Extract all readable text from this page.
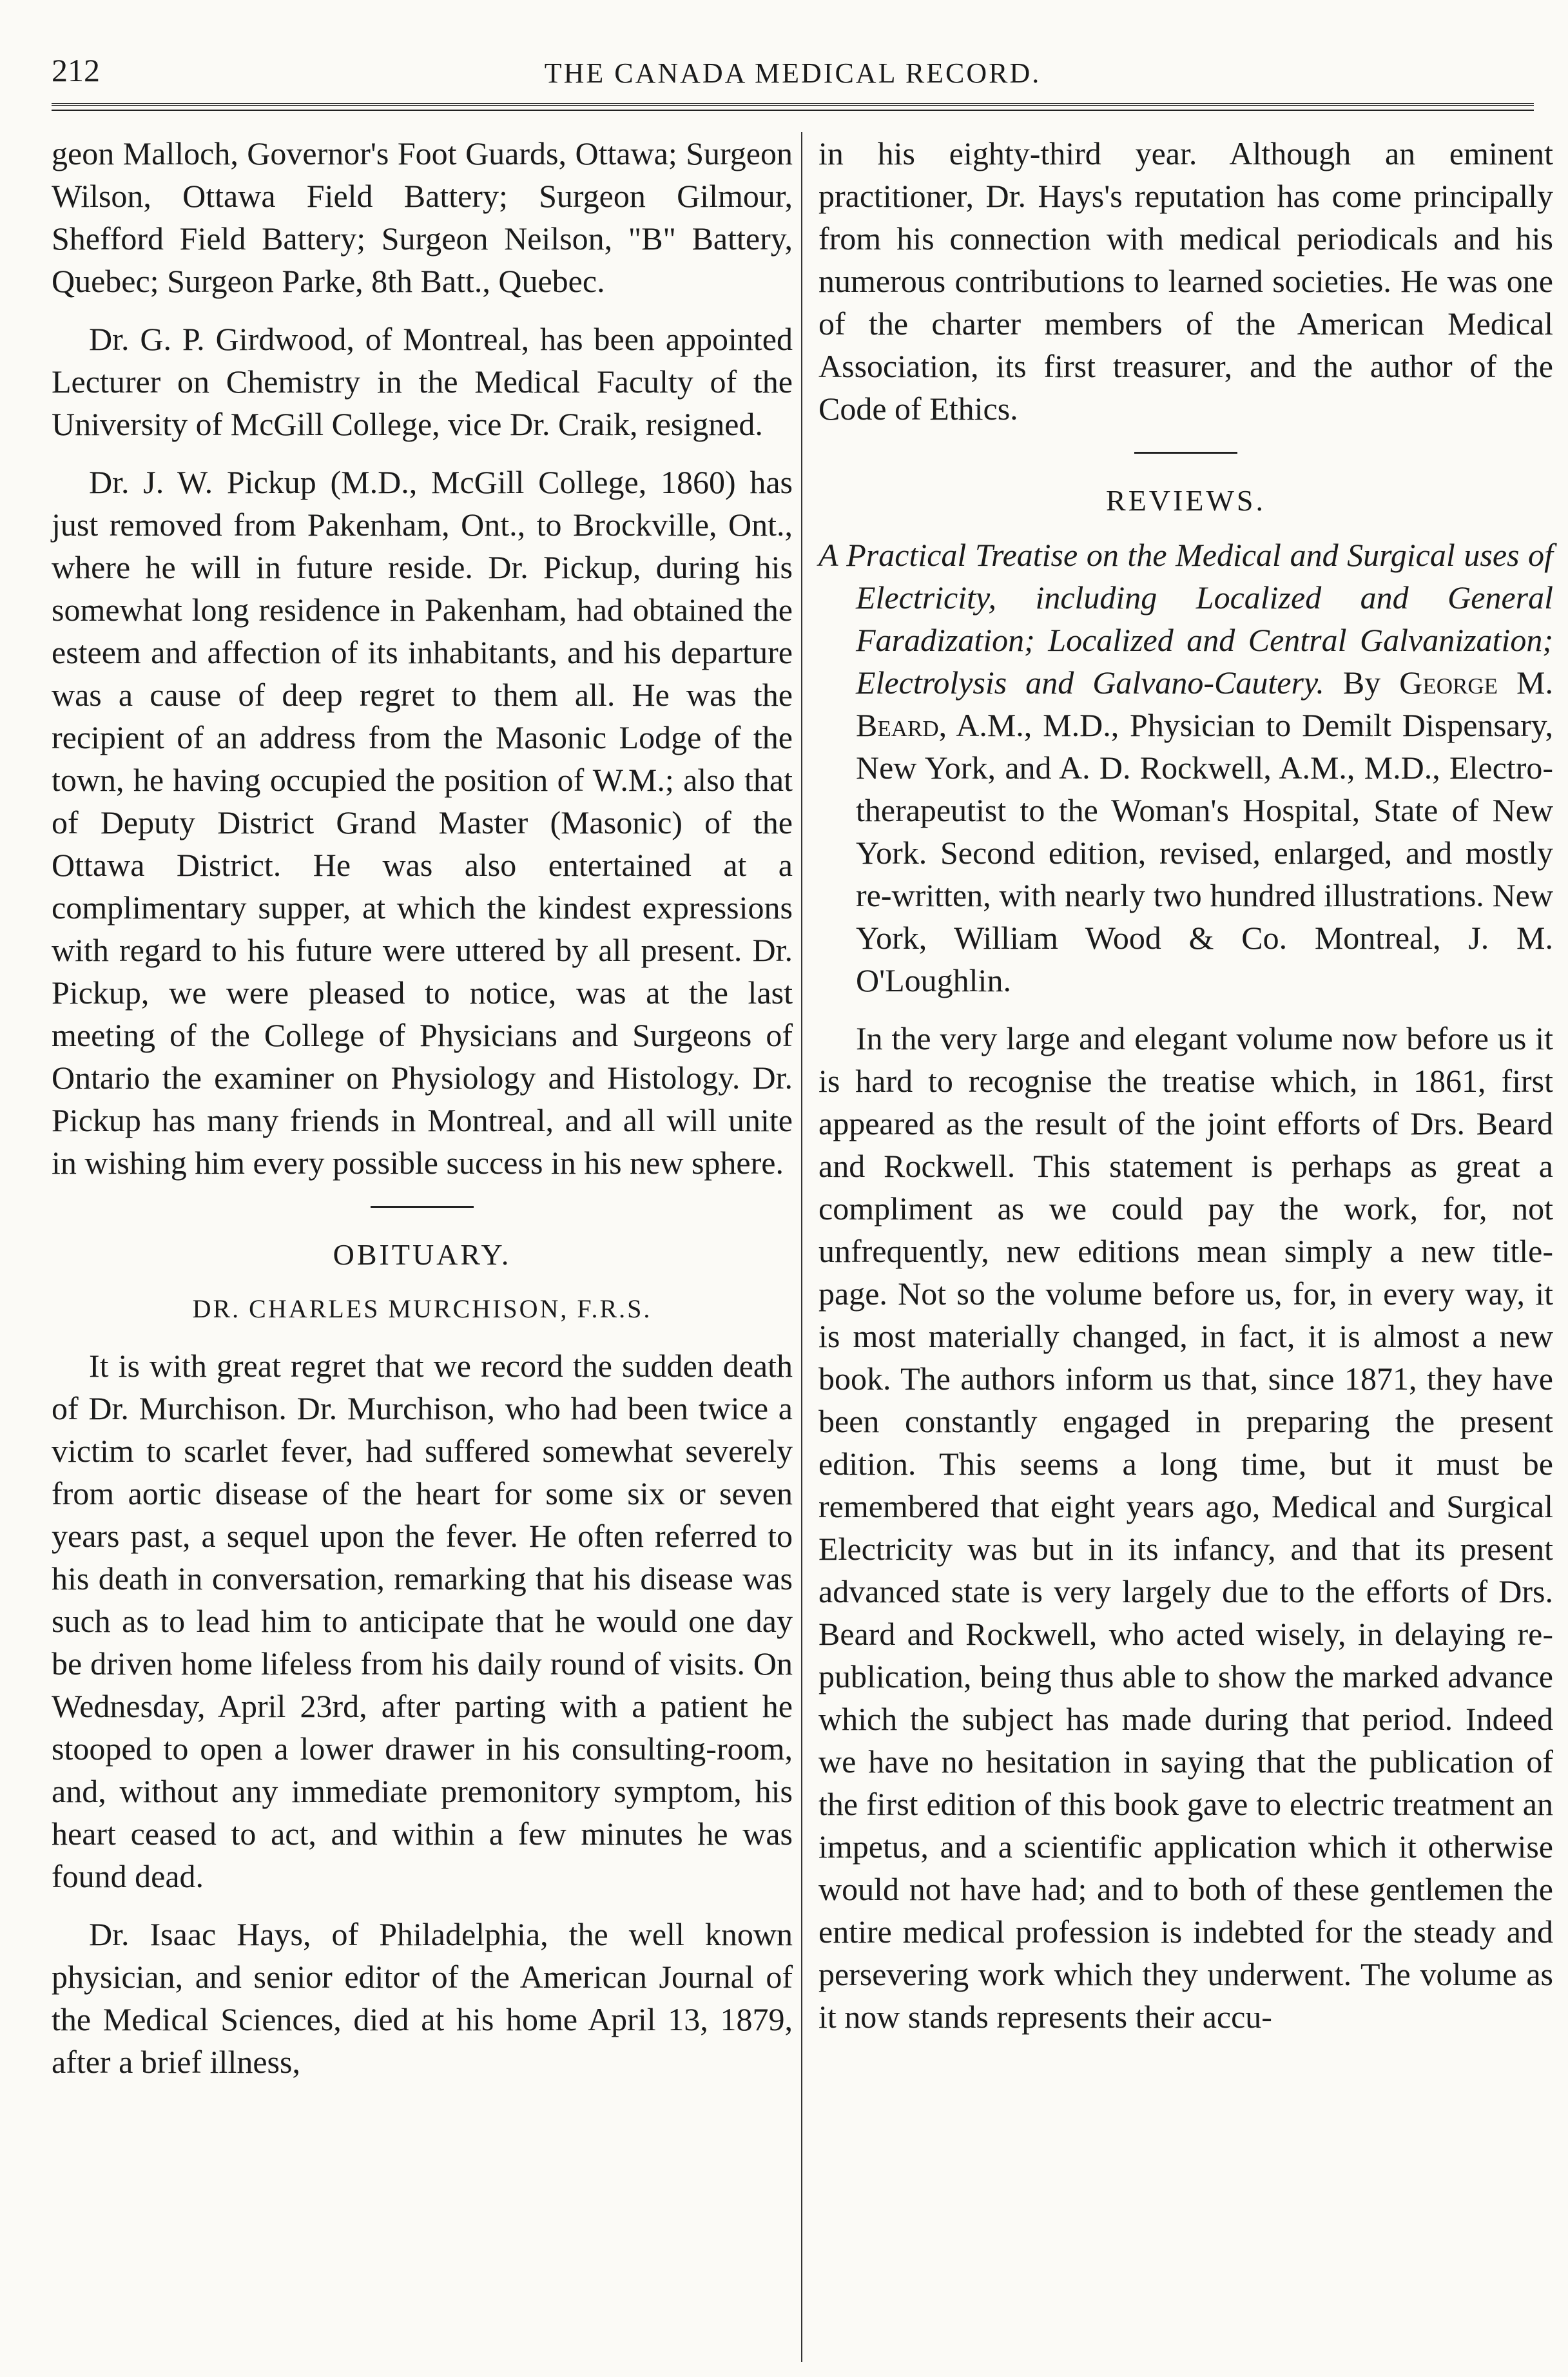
212	THE CANADA MEDICAL RECORD.

geon Malloch, Governor's Foot Guards, Ottawa; Surgeon Wilson, Ottawa Field Battery; Surgeon Gilmour, Shefford Field Battery; Surgeon Neilson, "B" Battery, Quebec; Surgeon Parke, 8th Batt., Quebec.

Dr. G. P. Girdwood, of Montreal, has been appointed Lecturer on Chemistry in the Medical Faculty of the University of McGill College, vice Dr. Craik, resigned.

Dr. J. W. Pickup (M.D., McGill College, 1860) has just removed from Pakenham, Ont., to Brockville, Ont., where he will in future reside. Dr. Pickup, during his somewhat long residence in Pakenham, had obtained the esteem and affection of its inhabitants, and his departure was a cause of deep regret to them all. He was the recipient of an address from the Masonic Lodge of the town, he having occupied the position of W.M.; also that of Deputy District Grand Master (Masonic) of the Ottawa District. He was also entertained at a complimentary supper, at which the kindest expressions with regard to his future were uttered by all present. Dr. Pickup, we were pleased to notice, was at the last meeting of the College of Physicians and Surgeons of Ontario the examiner on Physiology and Histology. Dr. Pickup has many friends in Montreal, and all will unite in wishing him every possible success in his new sphere.

OBITUARY.
DR. CHARLES MURCHISON, F.R.S.

It is with great regret that we record the sudden death of Dr. Murchison. Dr. Murchison, who had been twice a victim to scarlet fever, had suffered somewhat severely from aortic disease of the heart for some six or seven years past, a sequel upon the fever. He often referred to his death in conversation, remarking that his disease was such as to lead him to anticipate that he would one day be driven home lifeless from his daily round of visits. On Wednesday, April 23rd, after parting with a patient he stooped to open a lower drawer in his consulting-room, and, without any immediate premonitory symptom, his heart ceased to act, and within a few minutes he was found dead.

Dr. Isaac Hays, of Philadelphia, the well known physician, and senior editor of the American Journal of the Medical Sciences, died at his home April 13, 1879, after a brief illness,

in his eighty-third year. Although an eminent practitioner, Dr. Hays's reputation has come principally from his connection with medical periodicals and his numerous contributions to learned societies. He was one of the charter members of the American Medical Association, its first treasurer, and the author of the Code of Ethics.

REVIEWS.

A Practical Treatise on the Medical and Surgical uses of Electricity, including Localized and General Faradization; Localized and Central Galvanization; Electrolysis and Galvano-Cautery. By George M. Beard, A.M., M.D., Physician to Demilt Dispensary, New York, and A. D. Rockwell, A.M., M.D., Electro-therapeutist to the Woman's Hospital, State of New York. Second edition, revised, enlarged, and mostly re-written, with nearly two hundred illustrations. New York, William Wood & Co. Montreal, J. M. O'Loughlin.

In the very large and elegant volume now before us it is hard to recognise the treatise which, in 1861, first appeared as the result of the joint efforts of Drs. Beard and Rockwell. This statement is perhaps as great a compliment as we could pay the work, for, not unfrequently, new editions mean simply a new title-page. Not so the volume before us, for, in every way, it is most materially changed, in fact, it is almost a new book. The authors inform us that, since 1871, they have been constantly engaged in preparing the present edition. This seems a long time, but it must be remembered that eight years ago, Medical and Surgical Electricity was but in its infancy, and that its present advanced state is very largely due to the efforts of Drs. Beard and Rockwell, who acted wisely, in delaying re-publication, being thus able to show the marked advance which the subject has made during that period. Indeed we have no hesitation in saying that the publication of the first edition of this book gave to electric treatment an impetus, and a scientific application which it otherwise would not have had; and to both of these gentlemen the entire medical profession is indebted for the steady and persevering work which they underwent. The volume as it now stands represents their accu-
